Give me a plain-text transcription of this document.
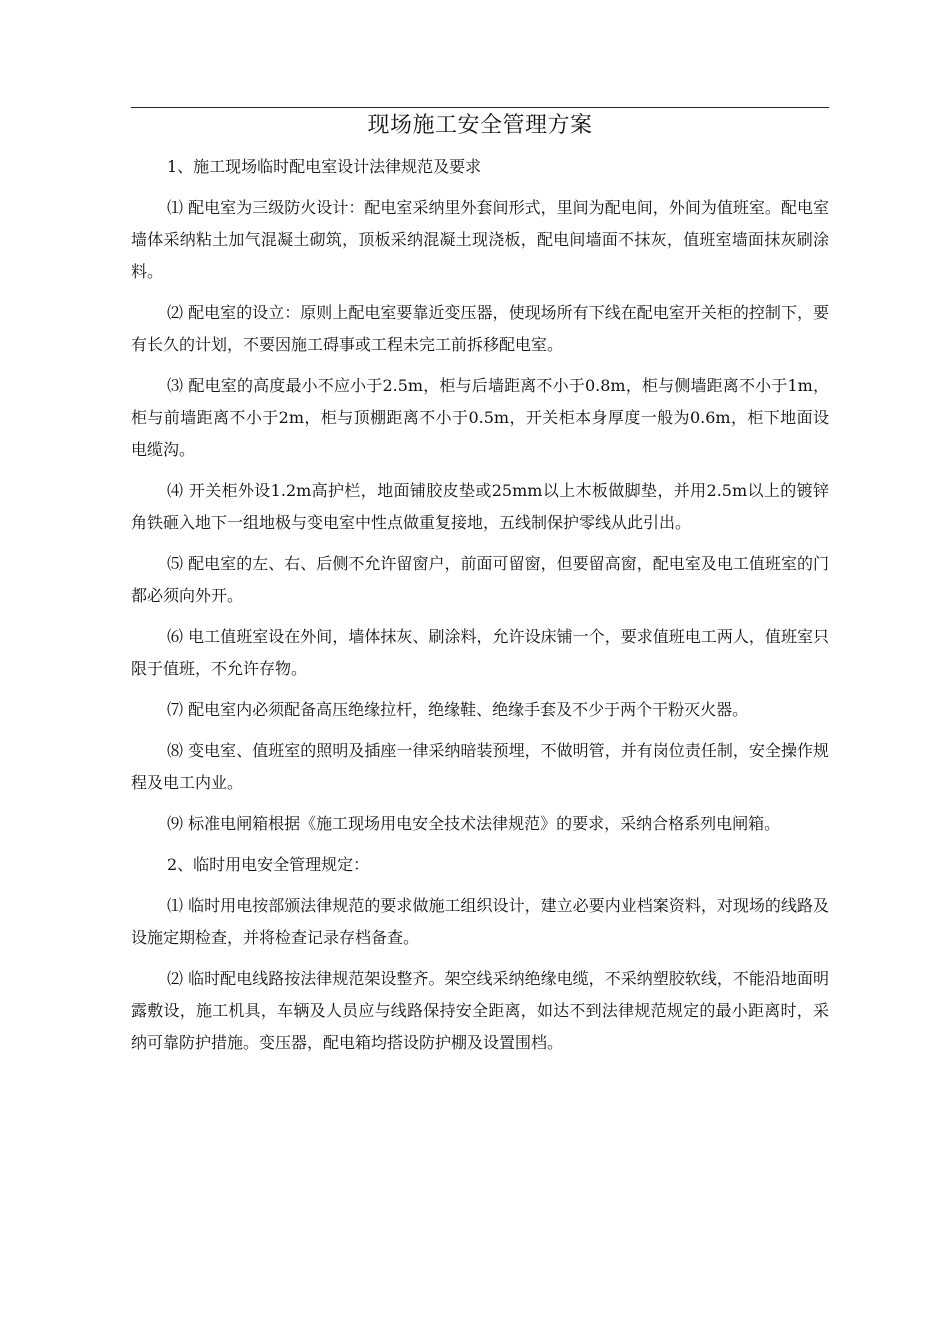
现场施工安全管理方案

1、施工现场临时配电室设计法律规范及要求

⑴ 配电室为三级防火设计：配电室采纳里外套间形式，里间为配电间，外间为值班室。配电室墙体采纳粘土加气混凝土砌筑，顶板采纳混凝土现浇板，配电间墙面不抹灰，值班室墙面抹灰刷涂料。

⑵ 配电室的设立：原则上配电室要靠近变压器，使现场所有下线在配电室开关柜的控制下，要有长久的计划，不要因施工碍事或工程未完工前拆移配电室。

⑶ 配电室的高度最小不应小于2.5m，柜与后墙距离不小于0.8m，柜与侧墙距离不小于1m，柜与前墙距离不小于2m，柜与顶棚距离不小于0.5m，开关柜本身厚度一般为0.6m，柜下地面设电缆沟。

⑷ 开关柜外设1.2m高护栏，地面铺胶皮垫或25mm以上木板做脚垫，并用2.5m以上的镀锌角铁砸入地下一组地极与变电室中性点做重复接地，五线制保护零线从此引出。

⑸ 配电室的左、右、后侧不允许留窗户，前面可留窗，但要留高窗，配电室及电工值班室的门都必须向外开。

⑹ 电工值班室设在外间，墙体抹灰、刷涂料，允许设床铺一个，要求值班电工两人，值班室只限于值班，不允许存物。

⑺ 配电室内必须配备高压绝缘拉杆，绝缘鞋、绝缘手套及不少于两个干粉灭火器。

⑻ 变电室、值班室的照明及插座一律采纳暗装预埋，不做明管，并有岗位责任制，安全操作规程及电工内业。

⑼ 标准电闸箱根据《施工现场用电安全技术法律规范》的要求，采纳合格系列电闸箱。

2、临时用电安全管理规定：

⑴ 临时用电按部颁法律规范的要求做施工组织设计，建立必要内业档案资料，对现场的线路及设施定期检查，并将检查记录存档备查。

⑵ 临时配电线路按法律规范架设整齐。架空线采纳绝缘电缆，不采纳塑胶软线，不能沿地面明露敷设，施工机具，车辆及人员应与线路保持安全距离，如达不到法律规范规定的最小距离时，采纳可靠防护措施。变压器，配电箱均搭设防护棚及设置围档。
